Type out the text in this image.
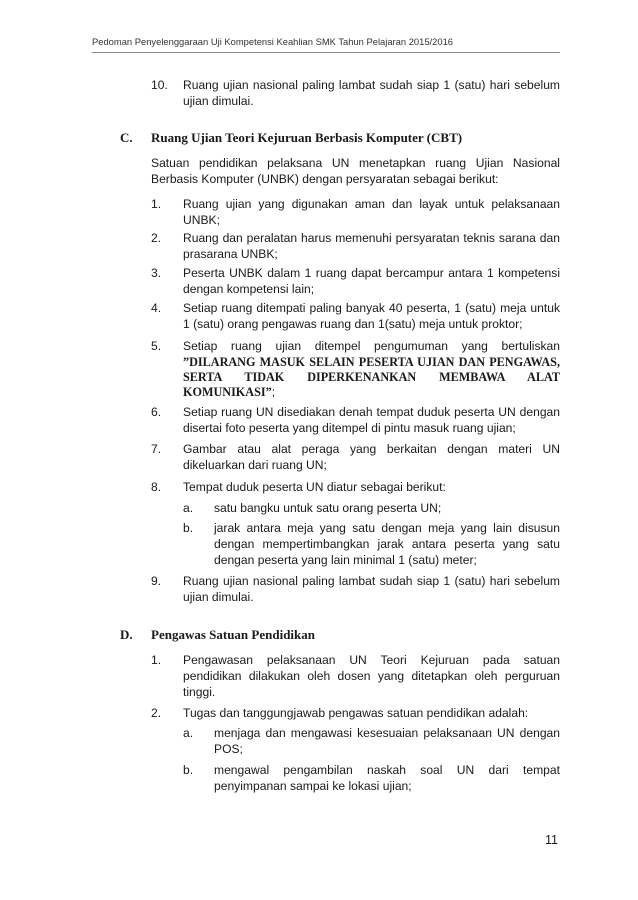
Pedoman Penyelenggaraan Uji Kompetensi Keahlian SMK Tahun Pelajaran 2015/2016
10. Ruang ujian nasional paling lambat sudah siap 1 (satu) hari sebelum
ujian dimulai.
C. Ruang Ujian Teori Kejuruan Berbasis Komputer (CBT)
Satuan pendidikan pelaksana UN menetapkan ruang Ujian Nasional
Berbasis Komputer (UNBK) dengan persyaratan sebagai berikut:
1. Ruang ujian yang digunakan aman dan layak untuk pelaksanaan
UNBK;
2. Ruang dan peralatan harus memenuhi persyaratan teknis sarana dan
prasarana UNBK;
3. Peserta UNBK dalam 1 ruang dapat bercampur antara 1 kompetensi
dengan kompetensi lain;
4. Setiap ruang ditempati paling banyak 40 peserta, 1 (satu) meja untuk
1 (satu) orang pengawas ruang dan 1(satu) meja untuk proktor;
5. Setiap ruang ujian ditempel pengumuman yang bertuliskan
”DILARANG MASUK SELAIN PESERTA UJIAN DAN PENGAWAS,
SERTA TIDAK DIPERKENANKAN MEMBAWA ALAT
KOMUNIKASI”;
6. Setiap ruang UN disediakan denah tempat duduk peserta UN dengan
disertai foto peserta yang ditempel di pintu masuk ruang ujian;
7. Gambar atau alat peraga yang berkaitan dengan materi UN
dikeluarkan dari ruang UN;
8. Tempat duduk peserta UN diatur sebagai berikut:
a. satu bangku untuk satu orang peserta UN;
b. jarak antara meja yang satu dengan meja yang lain disusun
dengan mempertimbangkan jarak antara peserta yang satu
dengan peserta yang lain minimal 1 (satu) meter;
9. Ruang ujian nasional paling lambat sudah siap 1 (satu) hari sebelum
ujian dimulai.
D. Pengawas Satuan Pendidikan
1. Pengawasan pelaksanaan UN Teori Kejuruan pada satuan
pendidikan dilakukan oleh dosen yang ditetapkan oleh perguruan
tinggi.
2. Tugas dan tanggungjawab pengawas satuan pendidikan adalah:
a. menjaga dan mengawasi kesesuaian pelaksanaan UN dengan
POS;
b. mengawal pengambilan naskah soal UN dari tempat
penyimpanan sampai ke lokasi ujian;
11
